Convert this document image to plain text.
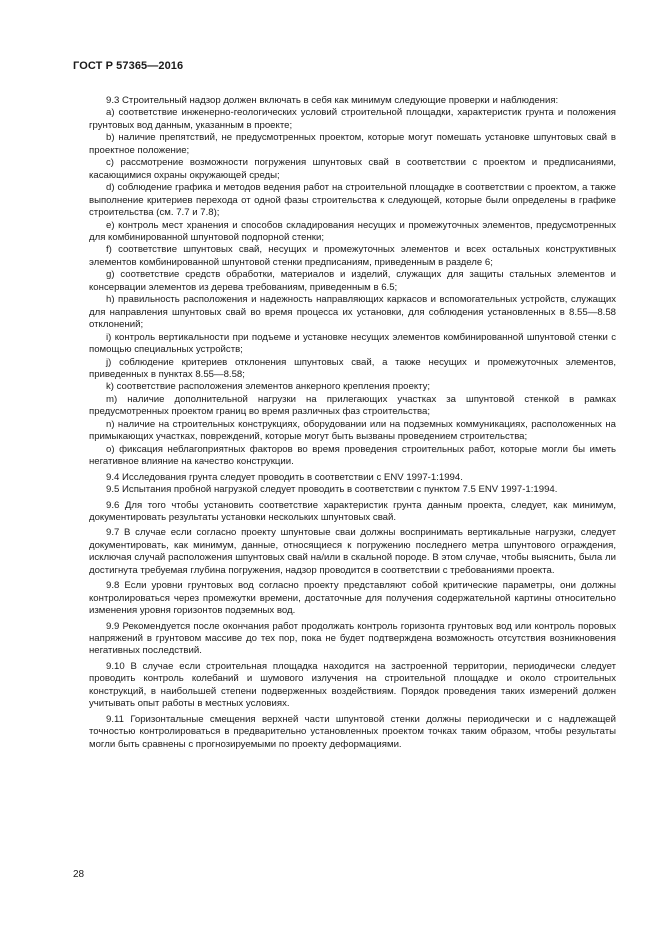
ГОСТ Р 57365—2016

9.3 Строительный надзор должен включать в себя как минимум следующие проверки и наблюдения:

a) соответствие инженерно-геологических условий строительной площадки, характеристик грунта и положения грунтовых вод данным, указанным в проекте;

b) наличие препятствий, не предусмотренных проектом, которые могут помешать установке шпунтовых свай в проектное положение;

c) рассмотрение возможности погружения шпунтовых свай в соответствии с проектом и предписаниями, касающимися охраны окружающей среды;

d) соблюдение графика и методов ведения работ на строительной площадке в соответствии с проектом, а также выполнение критериев перехода от одной фазы строительства к следующей, которые были определены в графике строительства (см. 7.7 и 7.8);

e) контроль мест хранения и способов складирования несущих и промежуточных элементов, предусмотренных для комбинированной шпунтовой подпорной стенки;

f) соответствие шпунтовых свай, несущих и промежуточных элементов и всех остальных конструктивных элементов комбинированной шпунтовой стенки предписаниям, приведенным в разделе 6;

g) соответствие средств обработки, материалов и изделий, служащих для защиты стальных элементов и консервации элементов из дерева требованиям, приведенным в 6.5;

h) правильность расположения и надежность направляющих каркасов и вспомогательных устройств, служащих для направления шпунтовых свай во время процесса их установки, для соблюдения установленных в 8.55—8.58 отклонений;

i) контроль вертикальности при подъеме и установке несущих элементов комбинированной шпунтовой стенки с помощью специальных устройств;

j) соблюдение критериев отклонения шпунтовых свай, а также несущих и промежуточных элементов, приведенных в пунктах 8.55—8.58;

k) соответствие расположения элементов анкерного крепления проекту;

m) наличие дополнительной нагрузки на прилегающих участках за шпунтовой стенкой в рамках предусмотренных проектом границ во время различных фаз строительства;

n) наличие на строительных конструкциях, оборудовании или на подземных коммуникациях, расположенных на примыкающих участках, повреждений, которые могут быть вызваны проведением строительства;

o) фиксация неблагоприятных факторов во время проведения строительных работ, которые могли бы иметь негативное влияние на качество конструкции.

9.4 Исследования грунта следует проводить в соответствии с ENV 1997-1:1994.

9.5 Испытания пробной нагрузкой следует проводить в соответствии с пунктом 7.5 ENV 1997-1:1994.

9.6 Для того чтобы установить соответствие характеристик грунта данным проекта, следует, как минимум, документировать результаты установки нескольких шпунтовых свай.

9.7 В случае если согласно проекту шпунтовые сваи должны воспринимать вертикальные нагрузки, следует документировать, как минимум, данные, относящиеся к погружению последнего метра шпунтового ограждения, исключая случай расположения шпунтовых свай на/или в скальной породе. В этом случае, чтобы выяснить, была ли достигнута требуемая глубина погружения, надзор проводится в соответствии с требованиями проекта.

9.8 Если уровни грунтовых вод согласно проекту представляют собой критические параметры, они должны контролироваться через промежутки времени, достаточные для получения содержательной картины относительно изменения уровня горизонтов подземных вод.

9.9 Рекомендуется после окончания работ продолжать контроль горизонта грунтовых вод или контроль поровых напряжений в грунтовом массиве до тех пор, пока не будет подтверждена возможность отсутствия возникновения негативных последствий.

9.10 В случае если строительная площадка находится на застроенной территории, периодически следует проводить контроль колебаний и шумового излучения на строительной площадке и около строительных конструкций, в наибольшей степени подверженных воздействиям. Порядок проведения таких измерений должен учитывать опыт работы в местных условиях.

9.11 Горизонтальные смещения верхней части шпунтовой стенки должны периодически и с надлежащей точностью контролироваться в предварительно установленных проектом точках таким образом, чтобы результаты могли быть сравнены с прогнозируемыми по проекту деформациями.

28
